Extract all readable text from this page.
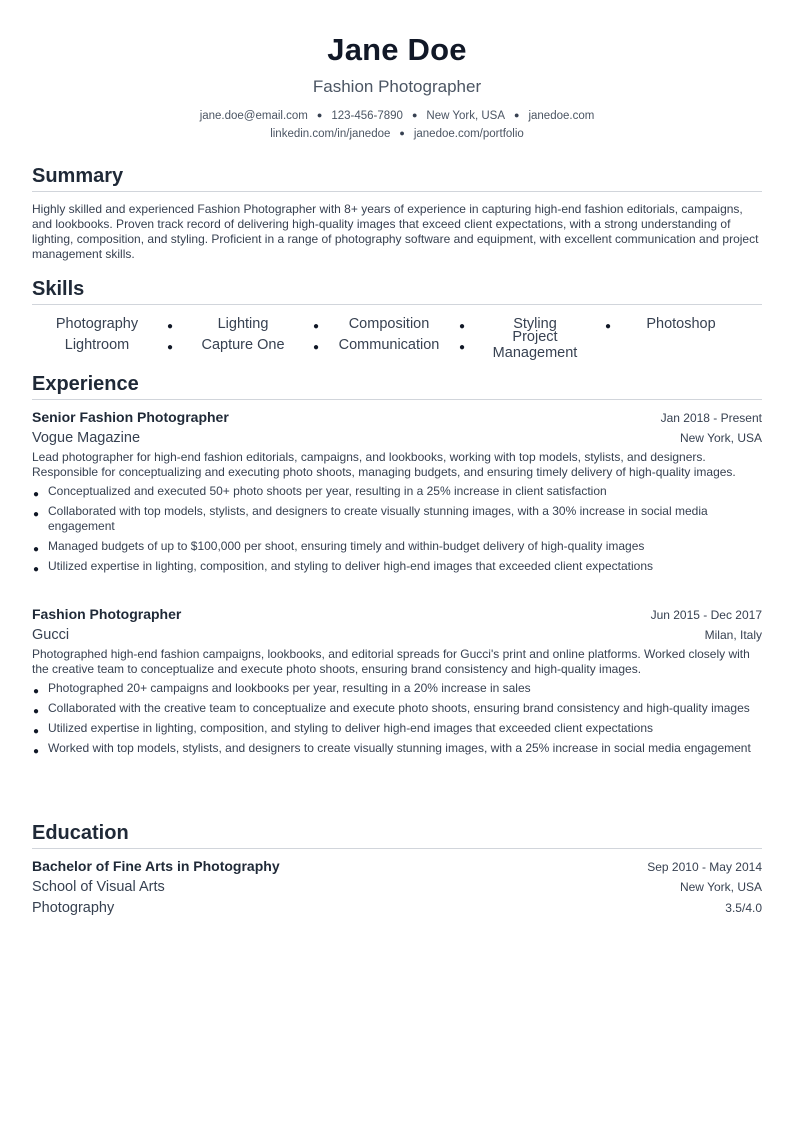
Jane Doe
Fashion Photographer
jane.doe@email.com ● 123-456-7890 ● New York, USA ● janedoe.com
linkedin.com/in/janedoe ● janedoe.com/portfolio
Summary
Highly skilled and experienced Fashion Photographer with 8+ years of experience in capturing high-end fashion editorials, campaigns, and lookbooks. Proven track record of delivering high-quality images that exceed client expectations, with a strong understanding of lighting, composition, and styling. Proficient in a range of photography software and equipment, with excellent communication and project management skills.
Skills
Photography	●	Lighting	●	Composition	●	Styling	●	Photoshop
Lightroom	●	Capture One	●	Communication	●
Project Management
Experience
Senior Fashion Photographer	Jan 2018 - Present
Vogue Magazine	New York, USA
Lead photographer for high-end fashion editorials, campaigns, and lookbooks, working with top models, stylists, and designers. Responsible for conceptualizing and executing photo shoots, managing budgets, and ensuring timely delivery of high-quality images.
● Conceptualized and executed 50+ photo shoots per year, resulting in a 25% increase in client satisfaction
● Collaborated with top models, stylists, and designers to create visually stunning images, with a 30% increase in social media engagement
● Managed budgets of up to $100,000 per shoot, ensuring timely and within-budget delivery of high-quality images
● Utilized expertise in lighting, composition, and styling to deliver high-end images that exceeded client expectations
Fashion Photographer	Jun 2015 - Dec 2017
Gucci	Milan, Italy
Photographed high-end fashion campaigns, lookbooks, and editorial spreads for Gucci's print and online platforms. Worked closely with the creative team to conceptualize and execute photo shoots, ensuring brand consistency and high-quality images.
● Photographed 20+ campaigns and lookbooks per year, resulting in a 20% increase in sales
● Collaborated with the creative team to conceptualize and execute photo shoots, ensuring brand consistency and high-quality images
● Utilized expertise in lighting, composition, and styling to deliver high-end images that exceeded client expectations
● Worked with top models, stylists, and designers to create visually stunning images, with a 25% increase in social media engagement
Education
Bachelor of Fine Arts in Photography	Sep 2010 - May 2014
School of Visual Arts	New York, USA
Photography	3.5/4.0
